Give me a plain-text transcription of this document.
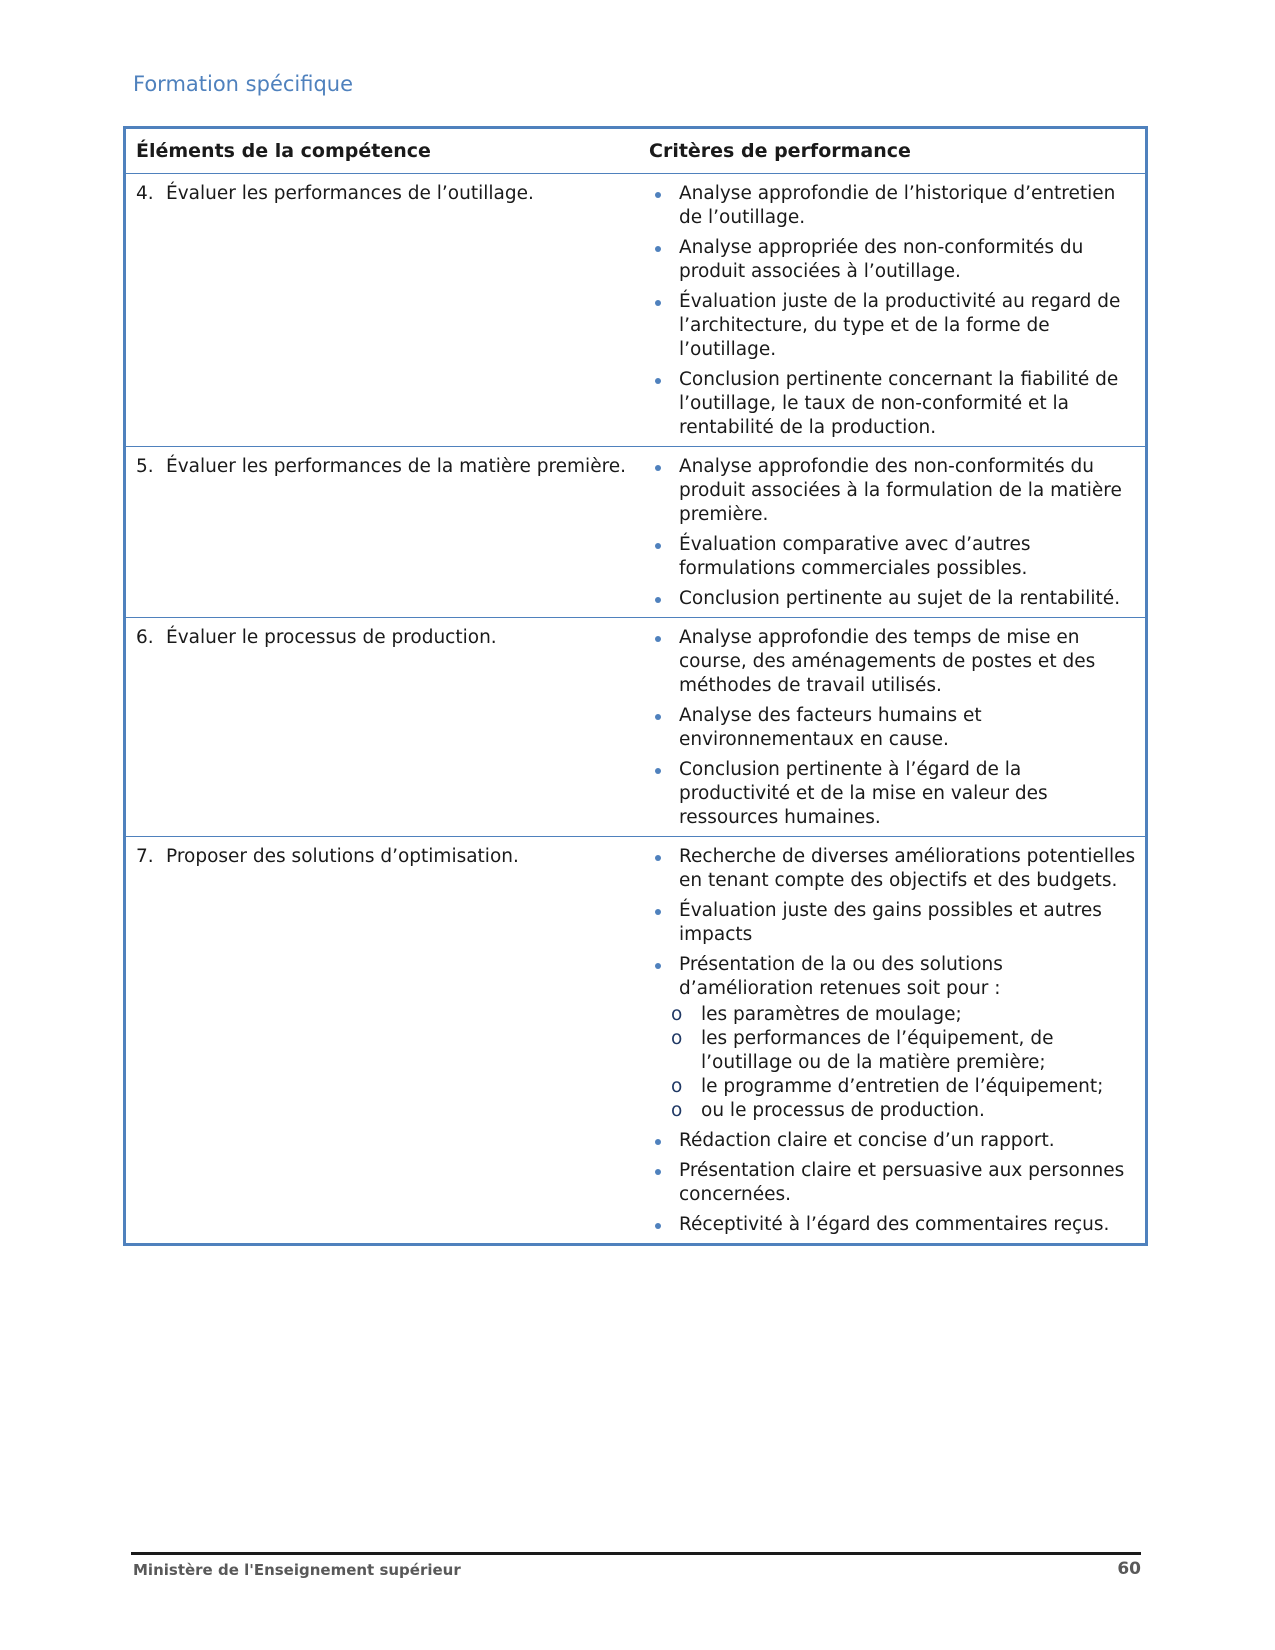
Formation spécifique
Éléments de la compétence	Critères de performance
4. Évaluer les performances de l’outillage.	Analyse approfondie de l’historique d’entretien de l’outillage.
Analyse appropriée des non-conformités du produit associées à l’outillage.
Évaluation juste de la productivité au regard de l’architecture, du type et de la forme de l’outillage.
Conclusion pertinente concernant la fiabilité de l’outillage, le taux de non-conformité et la rentabilité de la production.
5. Évaluer les performances de la matière première.	Analyse approfondie des non-conformités du produit associées à la formulation de la matière première.
Évaluation comparative avec d’autres formulations commerciales possibles.
Conclusion pertinente au sujet de la rentabilité.
6. Évaluer le processus de production.	Analyse approfondie des temps de mise en course, des aménagements de postes et des méthodes de travail utilisés.
Analyse des facteurs humains et environnementaux en cause.
Conclusion pertinente à l’égard de la productivité et de la mise en valeur des ressources humaines.
7. Proposer des solutions d’optimisation.	Recherche de diverses améliorations potentielles en tenant compte des objectifs et des budgets.
Évaluation juste des gains possibles et autres impacts
Présentation de la ou des solutions d’amélioration retenues soit pour :
o les paramètres de moulage;
o les performances de l’équipement, de l’outillage ou de la matière première;
o le programme d’entretien de l’équipement;
o ou le processus de production.
Rédaction claire et concise d’un rapport.
Présentation claire et persuasive aux personnes concernées.
Réceptivité à l’égard des commentaires reçus.
Ministère de l'Enseignement supérieur	60
